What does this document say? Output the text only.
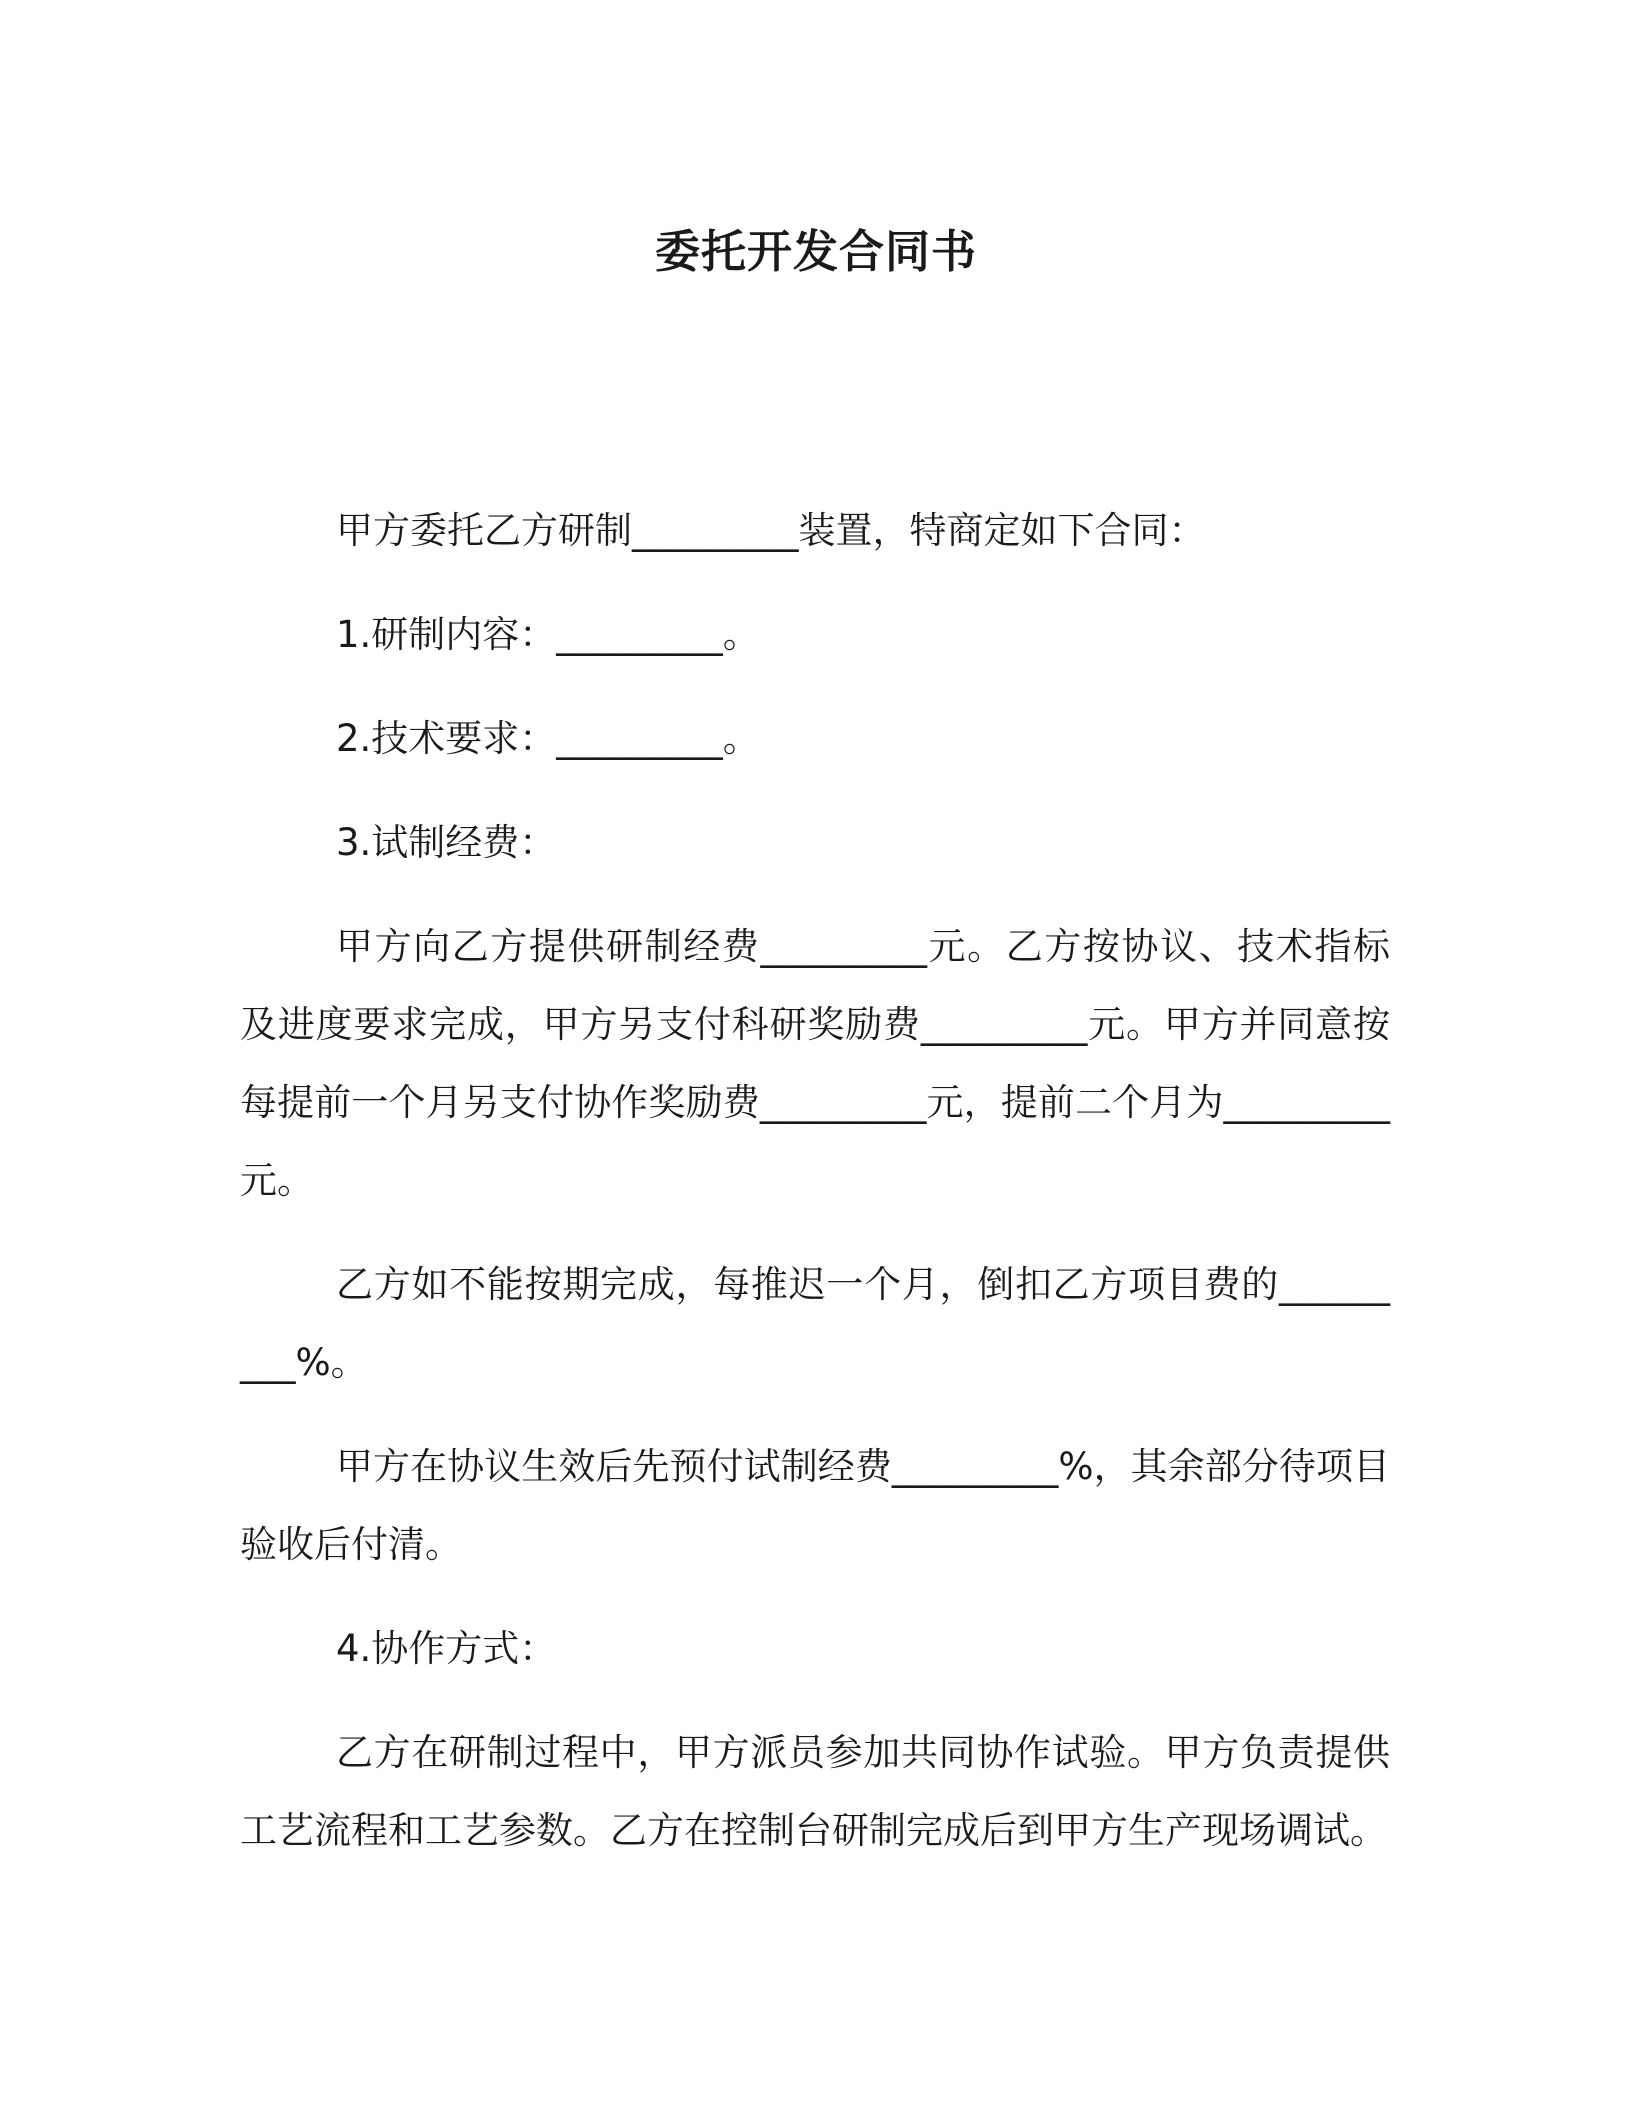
委托开发合同书

甲方委托乙方研制_________装置，特商定如下合同：

1.研制内容：_________。

2.技术要求：_________。

3.试制经费：

甲方向乙方提供研制经费_________元。乙方按协议、技术指标及进度要求完成，甲方另支付科研奖励费_________元。甲方并同意按每提前一个月另支付协作奖励费_________元，提前二个月为_________元。

乙方如不能按期完成，每推迟一个月，倒扣乙方项目费的_________%。

甲方在协议生效后先预付试制经费_________%，其余部分待项目验收后付清。

4.协作方式：

乙方在研制过程中，甲方派员参加共同协作试验。甲方负责提供工艺流程和工艺参数。乙方在控制台研制完成后到甲方生产现场调试。
